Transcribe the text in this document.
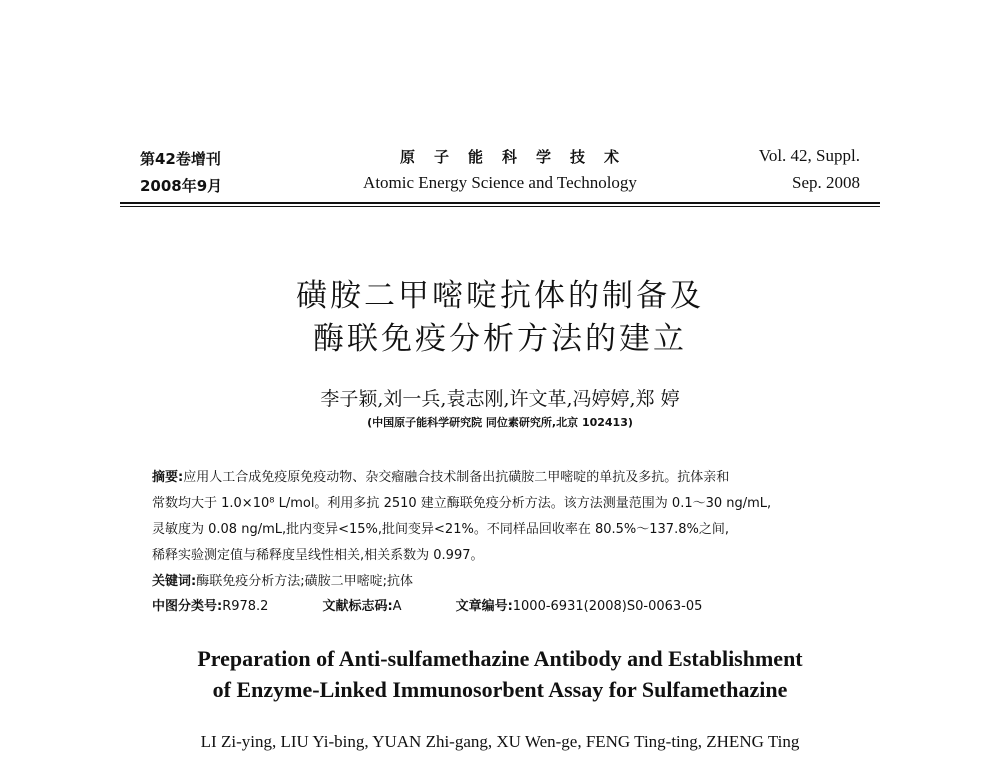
第42卷增刊
2008年9月
原子能科学技术
Atomic Energy Science and Technology
Vol. 42, Suppl.
Sep. 2008
磺胺二甲嘧啶抗体的制备及
酶联免疫分析方法的建立
李子颖,刘一兵,袁志刚,许文革,冯婷婷,郑 婷
(中国原子能科学研究院 同位素研究所,北京 102413)
摘要:应用人工合成免疫原免疫动物、杂交瘤融合技术制备出抗磺胺二甲嘧啶的单抗及多抗。抗体亲和
常数均大于 1.0×10⁸ L/mol。利用多抗 2510 建立酶联免疫分析方法。该方法测量范围为 0.1～30 ng/mL,
灵敏度为 0.08 ng/mL,批内变异<15%,批间变异<21%。不同样品回收率在 80.5%～137.8%之间,
稀释实验测定值与稀释度呈线性相关,相关系数为 0.997。
关键词:酶联免疫分析方法;磺胺二甲嘧啶;抗体
中图分类号:R978.2	文献标志码:A	文章编号:1000-6931(2008)S0-0063-05
Preparation of Anti-sulfamethazine Antibody and Establishment
of Enzyme-Linked Immunosorbent Assay for Sulfamethazine
LI Zi-ying, LIU Yi-bing, YUAN Zhi-gang, XU Wen-ge, FENG Ting-ting, ZHENG Ting
